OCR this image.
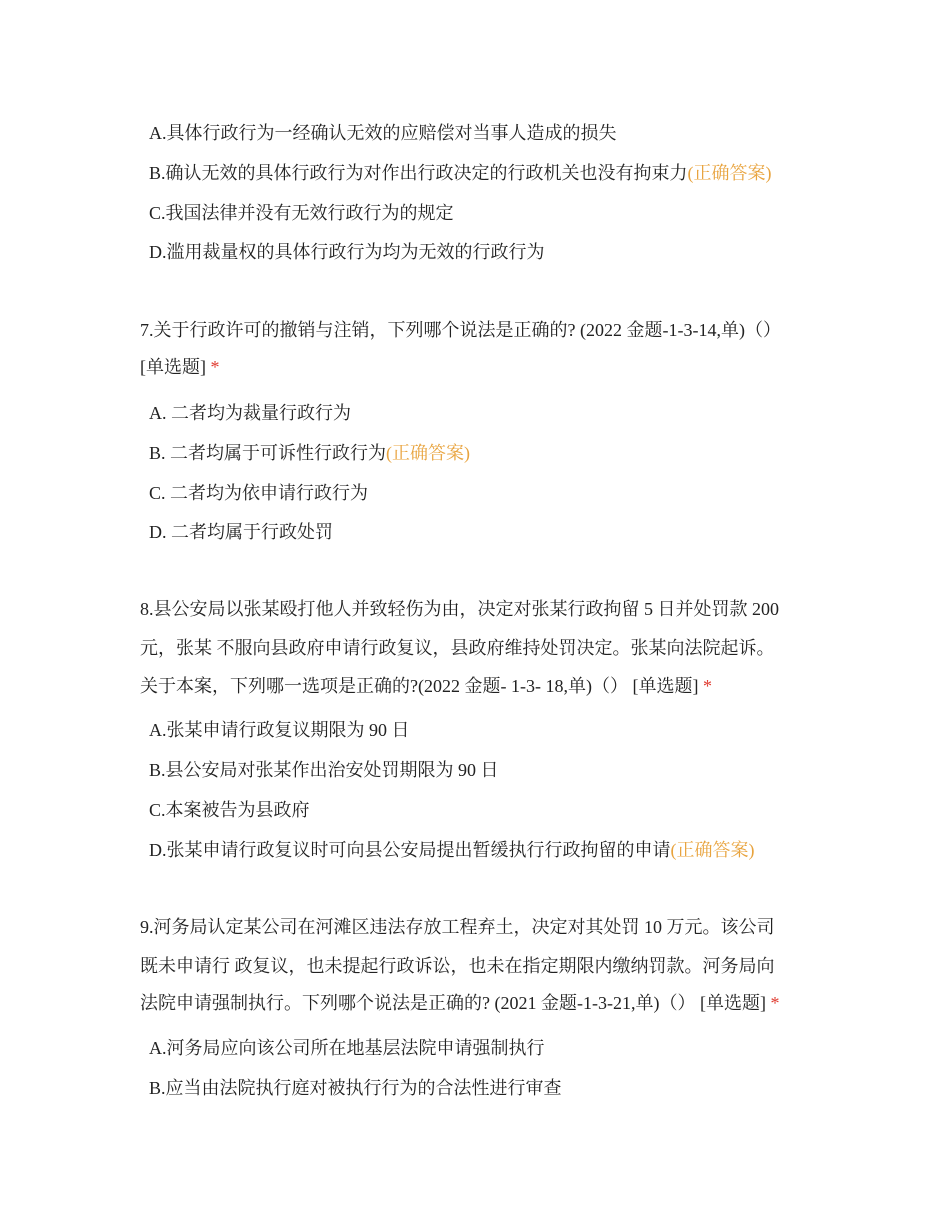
A.具体行政行为一经确认无效的应赔偿对当事人造成的损失
B.确认无效的具体行政行为对作出行政决定的行政机关也没有拘束力(正确答案)
C.我国法律并没有无效行政行为的规定
D.滥用裁量权的具体行政行为均为无效的行政行为
7.关于行政许可的撤销与注销，下列哪个说法是正确的? (2022 金题-1-3-14,单)（）
[单选题] *
A. 二者均为裁量行政行为
B. 二者均属于可诉性行政行为(正确答案)
C. 二者均为依申请行政行为
D. 二者均属于行政处罚
8.县公安局以张某殴打他人并致轻伤为由，决定对张某行政拘留 5 日并处罚款 200
元，张某 不服向县政府申请行政复议，县政府维持处罚决定。张某向法院起诉。
关于本案，下列哪一选项是正确的?(2022 金题- 1-3- 18,单)（） [单选题] *
A.张某申请行政复议期限为 90 日
B.县公安局对张某作出治安处罚期限为 90 日
C.本案被告为县政府
D.张某申请行政复议时可向县公安局提出暂缓执行行政拘留的申请(正确答案)
9.河务局认定某公司在河滩区违法存放工程弃土，决定对其处罚 10 万元。该公司
既未申请行 政复议，也未提起行政诉讼，也未在指定期限内缴纳罚款。河务局向
法院申请强制执行。下列哪个说法是正确的? (2021 金题-1-3-21,单)（） [单选题] *
A.河务局应向该公司所在地基层法院申请强制执行
B.应当由法院执行庭对被执行行为的合法性进行审查
